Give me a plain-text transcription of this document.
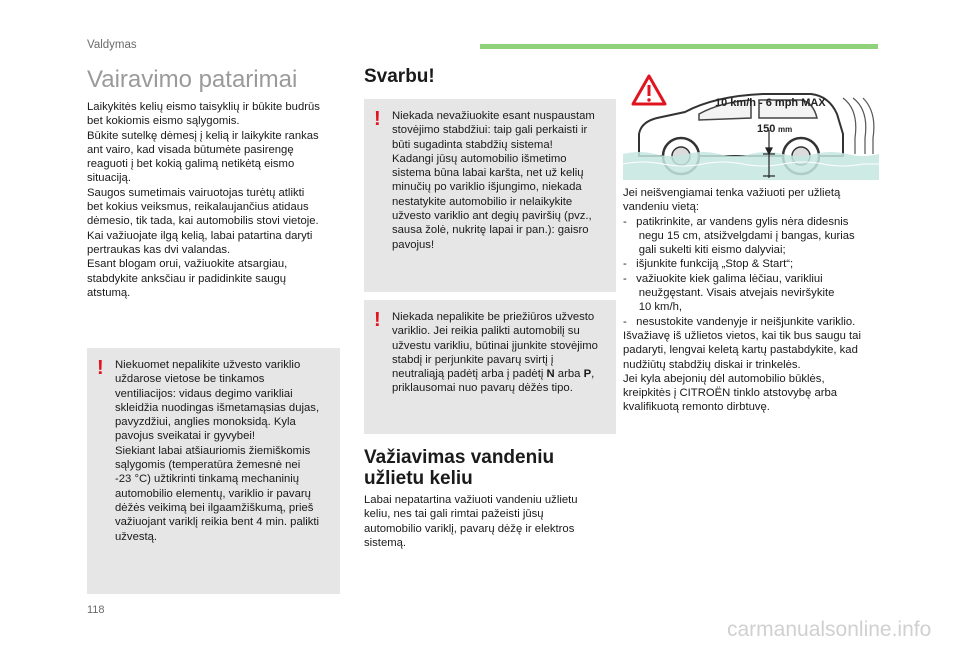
Valdymas
Vairavimo patarimai
Laikykitės kelių eismo taisyklių ir būkite budrūs
bet kokiomis eismo sąlygomis.
Būkite sutelkę dėmesį į kelią ir laikykite rankas
ant vairo, kad visada būtumėte pasirengę
reaguoti į bet kokią galimą netikėtą eismo
situaciją.
Saugos sumetimais vairuotojas turėtų atlikti
bet kokius veiksmus, reikalaujančius atidaus
dėmesio, tik tada, kai automobilis stovi vietoje.
Kai važiuojate ilgą kelią, labai patartina daryti
pertraukas kas dvi valandas.
Esant blogam orui, važiuokite atsargiau,
stabdykite anksčiau ir padidinkite saugų
atstumą.
! Niekuomet nepalikite užvesto variklio
uždarose vietose be tinkamos
ventiliacijos: vidaus degimo varikliai
skleidžia nuodingas išmetamąsias dujas,
pavyzdžiui, anglies monoksidą. Kyla
pavojus sveikatai ir gyvybei!
Siekiant labai atšiauriomis žiemiškomis
sąlygomis (temperatūra žemesnė nei
-23 °C) užtikrinti tinkamą mechaninių
automobilio elementų, variklio ir pavarų
dėžės veikimą bei ilgaamžiškumą, prieš
važiuojant variklį reikia bent 4 min. palikti
užvestą.
Svarbu!
! Niekada nevažiuokite esant nuspaustam
stovėjimo stabdžiui: taip gali perkaisti ir
būti sugadinta stabdžių sistema!
Kadangi jūsų automobilio išmetimo
sistema būna labai karšta, net už kelių
minučių po variklio išjungimo, niekada
nestatykite automobilio ir nelaikykite
užvesto variklio ant degių paviršių (pvz.,
sausa žolė, nukritę lapai ir pan.): gaisro
pavojus!
! Niekada nepalikite be priežiūros užvesto
variklio. Jei reikia palikti automobilį su
užvestu varikliu, būtinai įjunkite stovėjimo
stabdį ir perjunkite pavarų svirtį į
neutraliąją padėtį arba į padėtį N arba P,
priklausomai nuo pavarų dėžės tipo.
Važiavimas vandeniu
užlietu keliu
Labai nepatartina važiuoti vandeniu užlietu
keliu, nes tai gali rimtai pažeisti jūsų
automobilio variklį, pavarų dėžę ir elektros
sistemą.
150 mm
10 km/h - 6 mph MAX
Jei neišvengiamai tenka važiuoti per užlietą
vandeniu vietą:
-   patikrinkite, ar vandens gylis nėra didesnis
negu 15 cm, atsižvelgdami į bangas, kurias
gali sukelti kiti eismo dalyviai;
-   išjunkite funkciją „Stop & Start“;
-   važiuokite kiek galima lėčiau, varikliui
neužgęstant. Visais atvejais neviršykite
10 km/h,
-   nesustokite vandenyje ir neišjunkite variklio.
Išvažiavę iš užlietos vietos, kai tik bus saugu tai
padaryti, lengvai keletą kartų pastabdykite, kad
nudžiūtų stabdžių diskai ir trinkelės.
Jei kyla abejonių dėl automobilio būklės,
kreipkitės į CITROËN tinklo atstovybę arba
kvalifikuotą remonto dirbtuvę.
118
carmanualsonline.info
